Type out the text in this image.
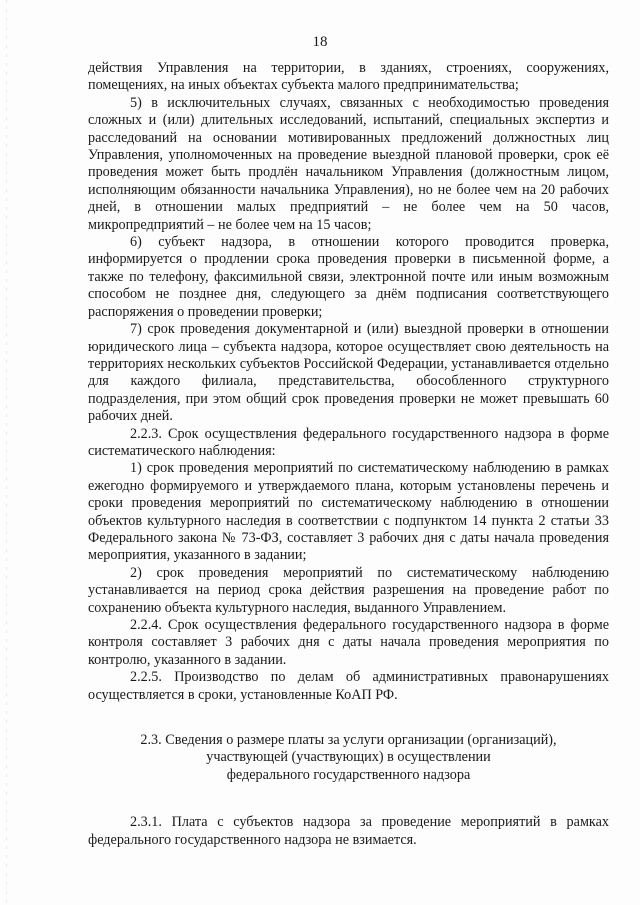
18

действия Управления на территории, в зданиях, строениях, сооружениях, помещениях, на иных объектах субъекта малого предпринимательства;

5) в исключительных случаях, связанных с необходимостью проведения сложных и (или) длительных исследований, испытаний, специальных экспертиз и расследований на основании мотивированных предложений должностных лиц Управления, уполномоченных на проведение выездной плановой проверки, срок её проведения может быть продлён начальником Управления (должностным лицом, исполняющим обязанности начальника Управления), но не более чем на 20 рабочих дней, в отношении малых предприятий – не более чем на 50 часов, микропредприятий – не более чем на 15 часов;

6) субъект надзора, в отношении которого проводится проверка, информируется о продлении срока проведения проверки в письменной форме, а также по телефону, факсимильной связи, электронной почте или иным возможным способом не позднее дня, следующего за днём подписания соответствующего распоряжения о проведении проверки;

7) срок проведения документарной и (или) выездной проверки в отношении юридического лица – субъекта надзора, которое осуществляет свою деятельность на территориях нескольких субъектов Российской Федерации, устанавливается отдельно для каждого филиала, представительства, обособленного структурного подразделения, при этом общий срок проведения проверки не может превышать 60 рабочих дней.

2.2.3. Срок осуществления федерального государственного надзора в форме систематического наблюдения:

1) срок проведения мероприятий по систематическому наблюдению в рамках ежегодно формируемого и утверждаемого плана, которым установлены перечень и сроки проведения мероприятий по систематическому наблюдению в отношении объектов культурного наследия в соответствии с подпунктом 14 пункта 2 статьи 33 Федерального закона № 73-ФЗ, составляет 3 рабочих дня с даты начала проведения мероприятия, указанного в задании;

2) срок проведения мероприятий по систематическому наблюдению устанавливается на период срока действия разрешения на проведение работ по сохранению объекта культурного наследия, выданного Управлением.

2.2.4. Срок осуществления федерального государственного надзора в форме контроля составляет 3 рабочих дня с даты начала проведения мероприятия по контролю, указанного в задании.

2.2.5. Производство по делам об административных правонарушениях осуществляется в сроки, установленные КоАП РФ.

2.3. Сведения о размере платы за услуги организации (организаций),
участвующей (участвующих) в осуществлении
федерального государственного надзора

2.3.1. Плата с субъектов надзора за проведение мероприятий в рамках федерального государственного надзора не взимается.
